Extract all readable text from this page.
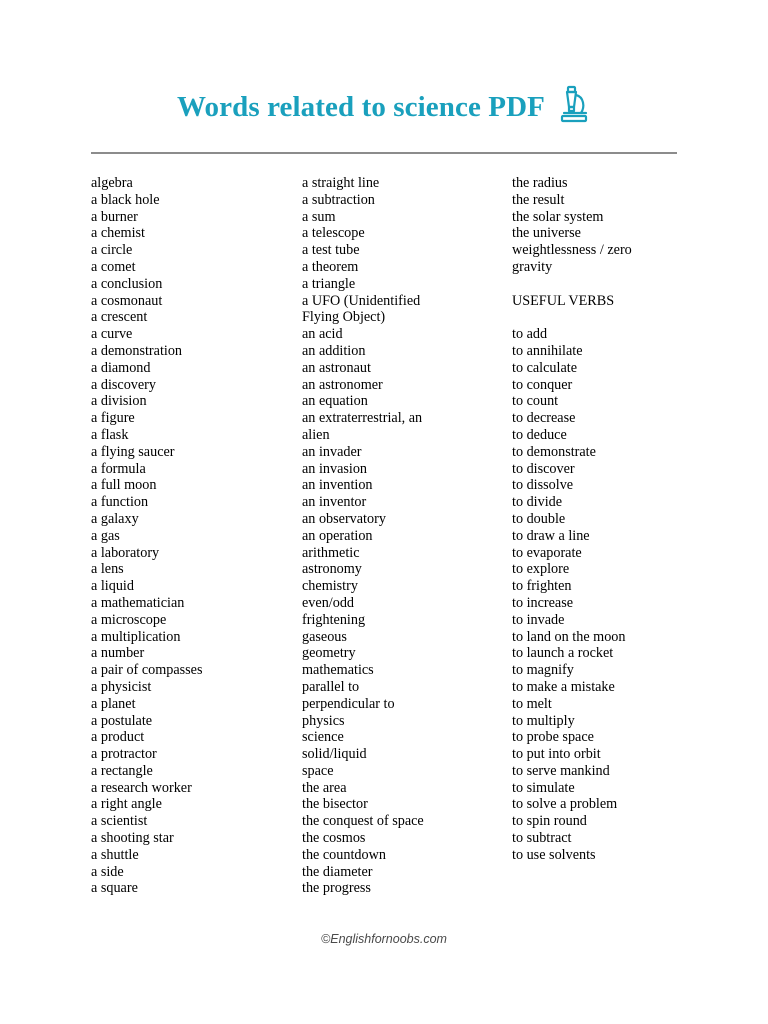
Words related to science PDF
algebra
a black hole
a burner
a chemist
a circle
a comet
a conclusion
a cosmonaut
a crescent
a curve
a demonstration
a diamond
a discovery
a division
a figure
a flask
a flying saucer
a formula
a full moon
a function
a galaxy
a gas
a laboratory
a lens
a liquid
a mathematician
a microscope
a multiplication
a number
a pair of compasses
a physicist
a planet
a postulate
a product
a protractor
a rectangle
a research worker
a right angle
a scientist
a shooting star
a shuttle
a side
a square
a straight line
a subtraction
a sum
a telescope
a test tube
a theorem
a triangle
a UFO (Unidentified
Flying Object)
an acid
an addition
an astronaut
an astronomer
an equation
an extraterrestrial, an
alien
an invader
an invasion
an invention
an inventor
an observatory
an operation
arithmetic
astronomy
chemistry
even/odd
frightening
gaseous
geometry
mathematics
parallel to
perpendicular to
physics
science
solid/liquid
space
the area
the bisector
the conquest of space
the cosmos
the countdown
the diameter
the progress
the radius
the result
the solar system
the universe
weightlessness / zero
gravity
USEFUL VERBS
to add
to annihilate
to calculate
to conquer
to count
to decrease
to deduce
to demonstrate
to discover
to dissolve
to divide
to double
to draw a line
to evaporate
to explore
to frighten
to increase
to invade
to land on the moon
to launch a rocket
to magnify
to make a mistake
to melt
to multiply
to probe space
to put into orbit
to serve mankind
to simulate
to solve a problem
to spin round
to subtract
to use solvents
©Englishfornoobs.com
